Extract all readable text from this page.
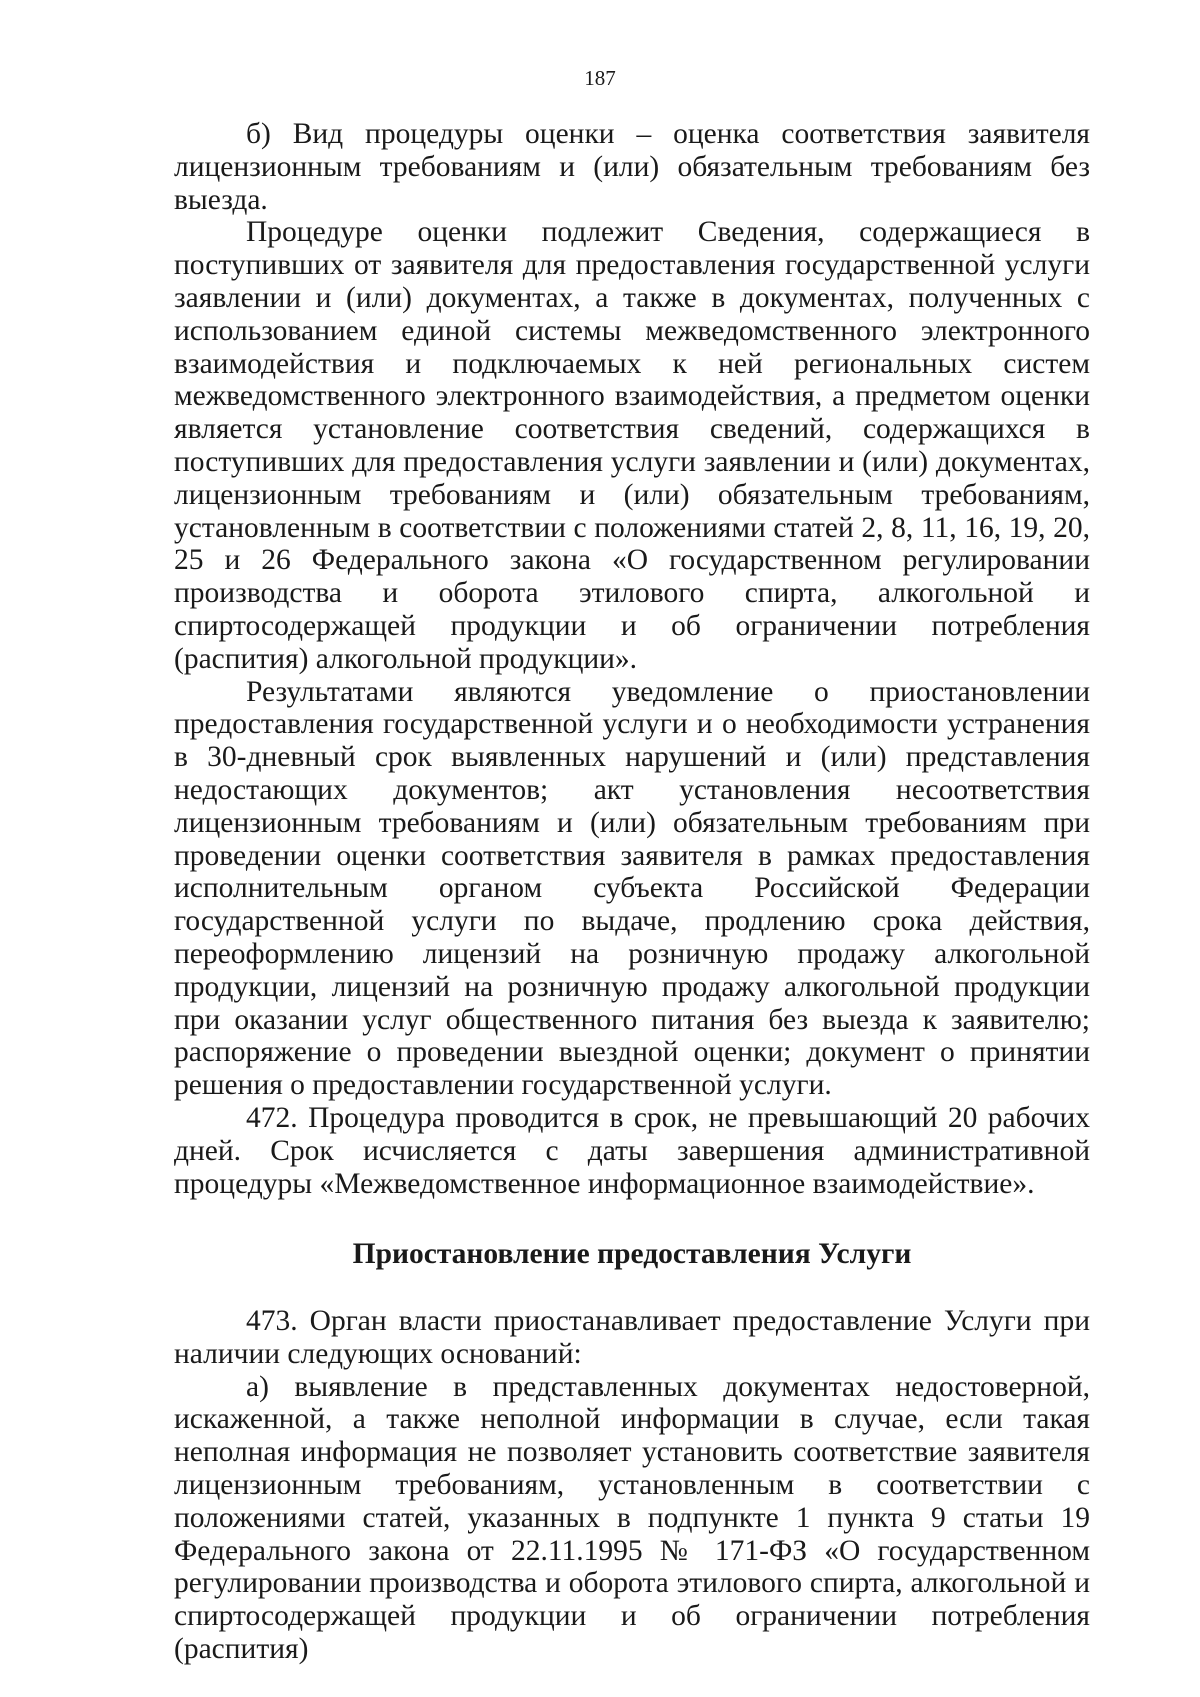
187

б) Вид процедуры оценки – оценка соответствия заявителя лицензионным требованиям и (или) обязательным требованиям без выезда.

Процедуре оценки подлежит Сведения, содержащиеся в поступивших от заявителя для предоставления государственной услуги заявлении и (или) документах, а также в документах, полученных с использованием единой системы межведомственного электронного взаимодействия и подключаемых к ней региональных систем межведомственного электронного взаимодействия, а предметом оценки является установление соответствия сведений, содержащихся в поступивших для предоставления услуги заявлении и (или) документах, лицензионным требованиям и (или) обязательным требованиям, установленным в соответствии с положениями статей 2, 8, 11, 16, 19, 20, 25 и 26 Федерального закона «О государственном регулировании производства и оборота этилового спирта, алкогольной и спиртосодержащей продукции и об ограничении потребления (распития) алкогольной продукции».

Результатами являются уведомление о приостановлении предоставления государственной услуги и о необходимости устранения в 30-дневный срок выявленных нарушений и (или) представления недостающих документов; акт установления несоответствия лицензионным требованиям и (или) обязательным требованиям при проведении оценки соответствия заявителя в рамках предоставления исполнительным органом субъекта Российской Федерации государственной услуги по выдаче, продлению срока действия, переоформлению лицензий на розничную продажу алкогольной продукции, лицензий на розничную продажу алкогольной продукции при оказании услуг общественного питания без выезда к заявителю; распоряжение о проведении выездной оценки; документ о принятии решения о предоставлении государственной услуги.

472. Процедура проводится в срок, не превышающий 20 рабочих дней. Срок исчисляется с даты завершения административной процедуры «Межведомственное информационное взаимодействие».

Приостановление предоставления Услуги

473. Орган власти приостанавливает предоставление Услуги при наличии следующих оснований:

а) выявление в представленных документах недостоверной, искаженной, а также неполной информации в случае, если такая неполная информация не позволяет установить соответствие заявителя лицензионным требованиям, установленным в соответствии с положениями статей, указанных в подпункте 1 пункта 9 статьи 19 Федерального закона от 22.11.1995 № 171-ФЗ «О государственном регулировании производства и оборота этилового спирта, алкогольной и спиртосодержащей продукции и об ограничении потребления (распития)
